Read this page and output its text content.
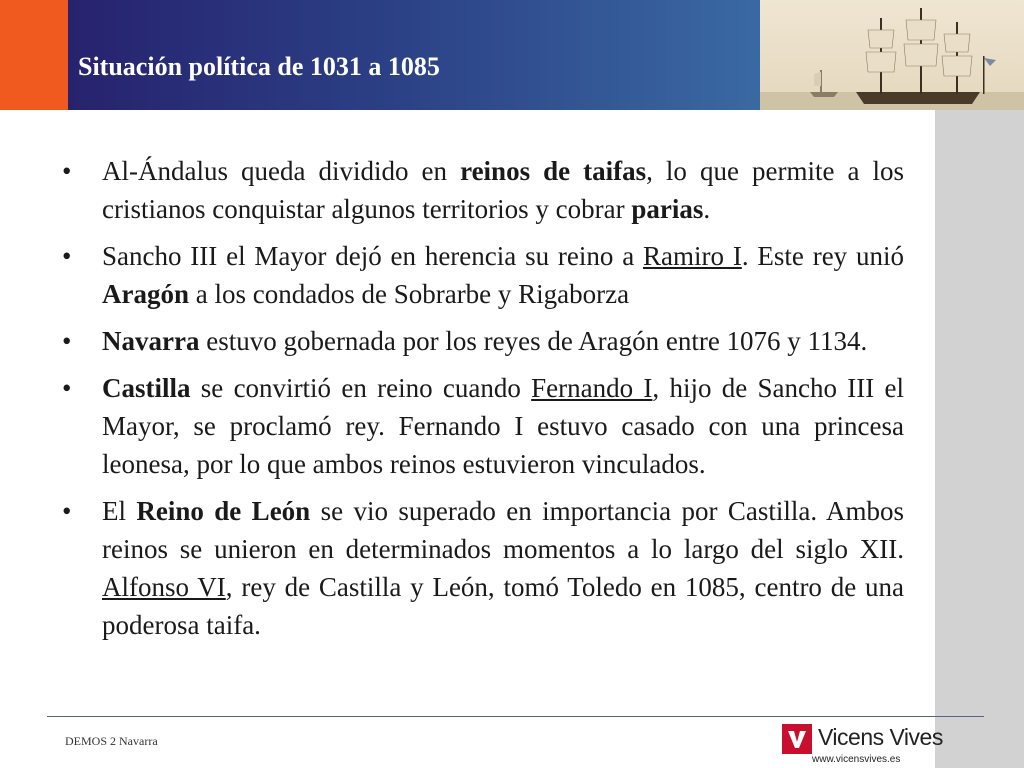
Situación política de 1031 a 1085
•	Al-Ándalus queda dividido en reinos de taifas, lo que permite a los cristianos conquistar algunos territorios y cobrar parias.
•	Sancho III el Mayor dejó en herencia su reino a Ramiro I. Este rey unió Aragón a los condados de Sobrarbe y Rigaborza
•	Navarra estuvo gobernada por los reyes de Aragón entre 1076 y 1134.
•	Castilla se convirtió en reino cuando Fernando I, hijo de Sancho III el Mayor, se proclamó rey. Fernando I estuvo casado con una princesa leonesa, por lo que ambos reinos estuvieron vinculados.
•	El Reino de León se vio superado en importancia por Castilla. Ambos reinos se unieron en determinados momentos a lo largo del siglo XII. Alfonso VI, rey de Castilla y León, tomó Toledo en 1085, centro de una poderosa taifa.
DEMOS 2 Navarra	Vicens Vives
www.vicensvives.es
